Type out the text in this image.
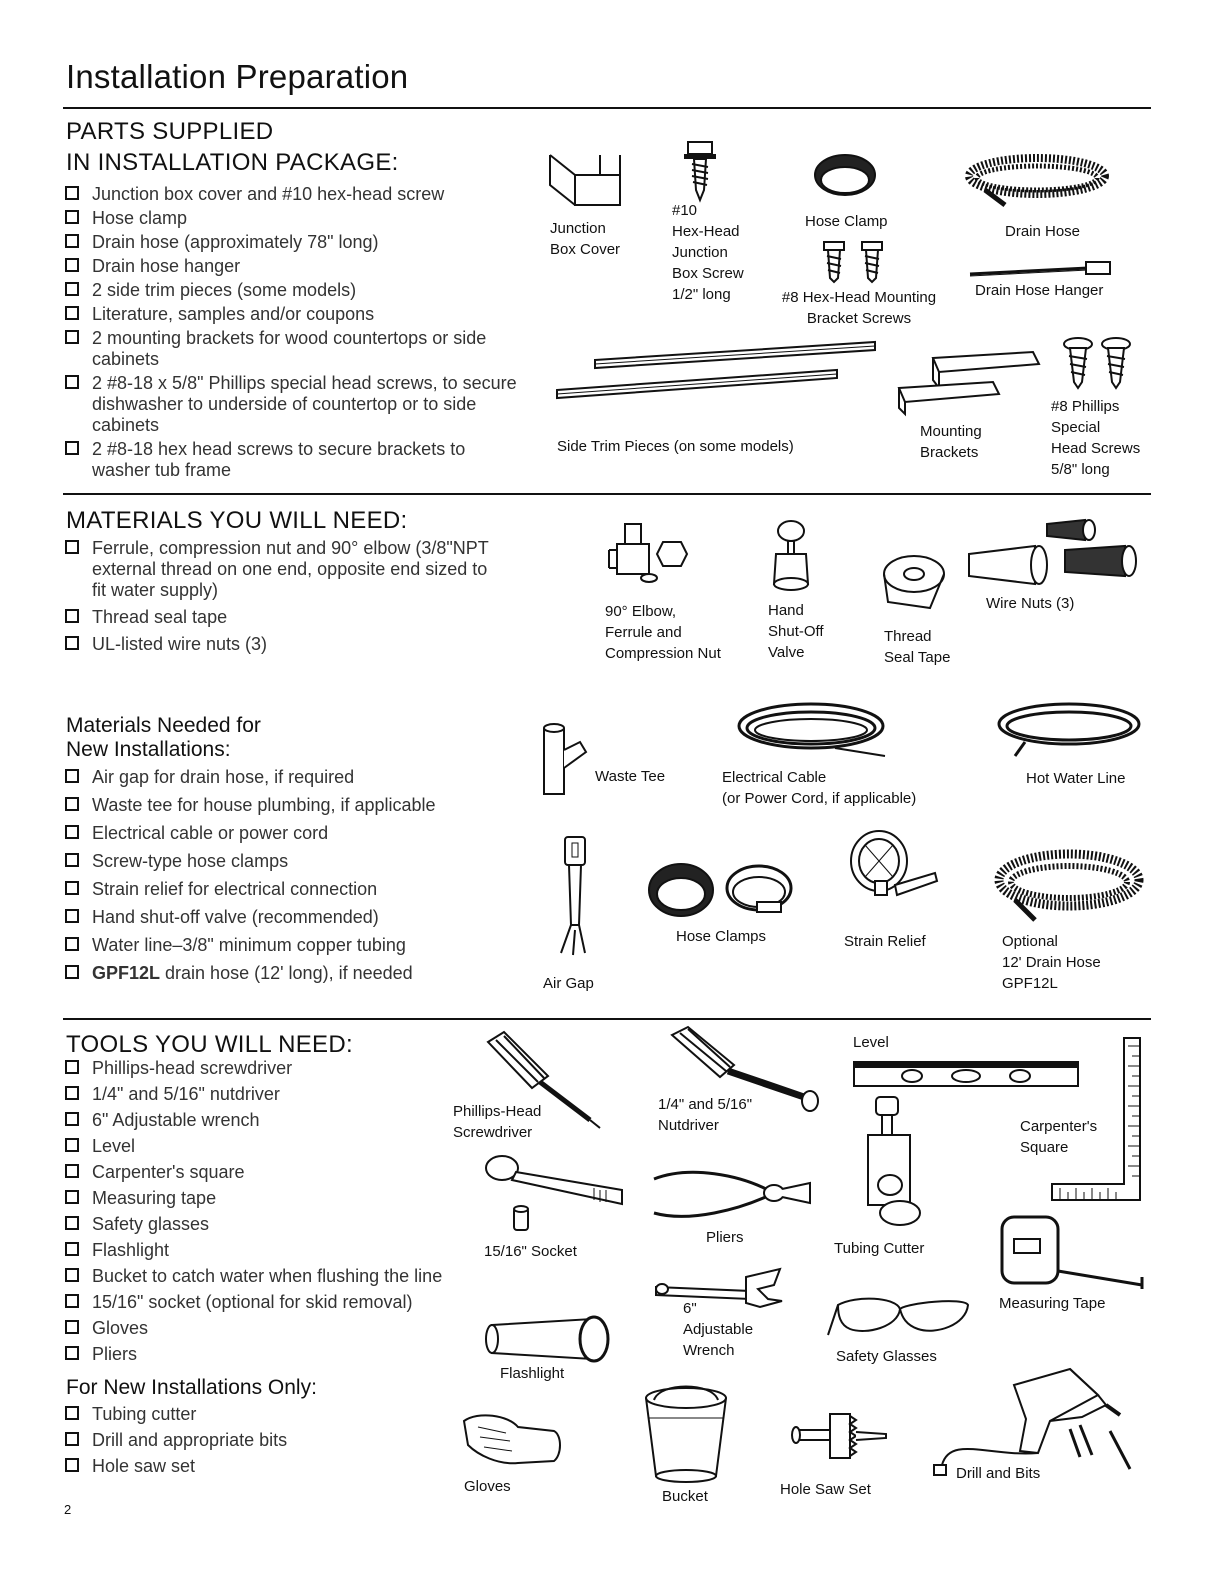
Installation Preparation
PARTS SUPPLIED
IN INSTALLATION PACKAGE:
Junction box cover and #10 hex-head screw
Hose clamp
Drain hose (approximately 78" long)
Drain hose hanger
2 side trim pieces (some models)
Literature, samples and/or coupons
2 mounting brackets for wood countertops or side cabinets
2 #8-18 x 5/8" Phillips special head screws, to secure dishwasher to underside of countertop or to side cabinets
2 #8-18 hex head screws to secure brackets to washer tub frame
Junction
Box Cover
#10
Hex-Head
Junction
Box Screw
1/2" long
Hose Clamp
#8 Hex-Head Mounting
Bracket Screws
Drain Hose
Drain Hose Hanger
Side Trim Pieces (on some models)
Mounting
Brackets
#8 Phillips
Special
Head Screws
5/8" long
MATERIALS YOU WILL NEED:
Ferrule, compression nut and 90° elbow (3/8"NPT external thread on one end, opposite end sized to fit water supply)
Thread seal tape
UL-listed wire nuts (3)
90° Elbow,
Ferrule and
Compression Nut
Hand
Shut-Off
Valve
Thread
Seal Tape
Wire Nuts (3)
Materials Needed for
New Installations:
Air gap for drain hose, if required
Waste tee for house plumbing, if applicable
Electrical cable or power cord
Screw-type hose clamps
Strain relief for electrical connection
Hand shut-off valve (recommended)
Water line–3/8" minimum copper tubing
GPF12L drain hose (12' long), if needed
Waste Tee	Electrical Cable
(or Power Cord, if applicable)
Hot Water Line
Air Gap
Hose Clamps	Strain Relief	Optional
12' Drain Hose
GPF12L
TOOLS YOU WILL NEED:
Phillips-head screwdriver
1/4" and 5/16" nutdriver
6" Adjustable wrench
Level
Carpenter's square
Measuring tape
Safety glasses
Flashlight
Bucket to catch water when flushing the line
15/16" socket (optional for skid removal)
Gloves
Pliers
For New Installations Only:
Tubing cutter
Drill and appropriate bits
Hole saw set
Phillips-Head
Screwdriver
1/4" and 5/16"
Nutdriver
Level
Carpenter's
Square
15/16" Socket
Pliers
Tubing Cutter
Measuring Tape
6"
Adjustable
Wrench	Safety Glasses
Flashlight
Gloves
Bucket	Hole Saw Set
Drill and Bits
2
